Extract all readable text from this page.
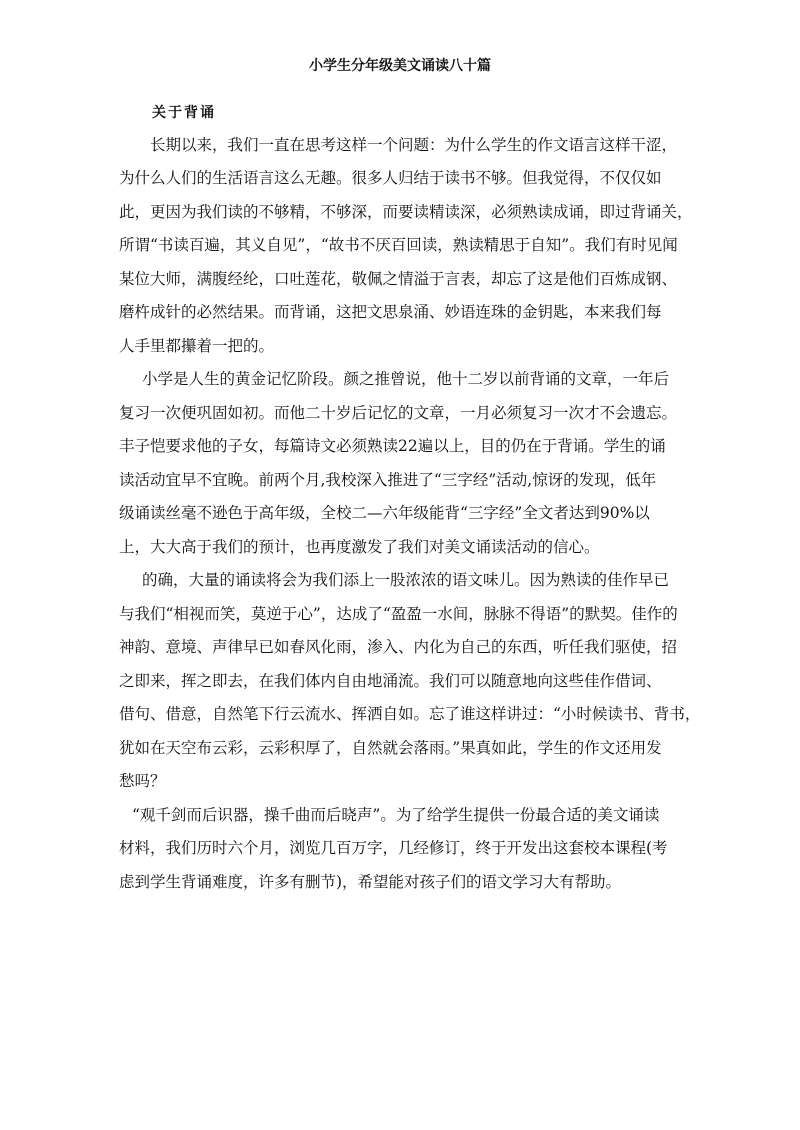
小学生分年级美文诵读八十篇
关于背诵
长期以来，我们一直在思考这样一个问题：为什么学生的作文语言这样干涩，
为什么人们的生活语言这么无趣。很多人归结于读书不够。但我觉得，不仅仅如
此，更因为我们读的不够精，不够深，而要读精读深，必须熟读成诵，即过背诵关，
所谓“书读百遍，其义自见”，“故书不厌百回读，熟读精思于自知”。我们有时见闻
某位大师，满腹经纶，口吐莲花，敬佩之情溢于言表，却忘了这是他们百炼成钢、
磨杵成针的必然结果。而背诵，这把文思泉涌、妙语连珠的金钥匙，本来我们每
人手里都攥着一把的。
小学是人生的黄金记忆阶段。颜之推曾说，他十二岁以前背诵的文章，一年后
复习一次便巩固如初。而他二十岁后记忆的文章，一月必须复习一次才不会遗忘。
丰子恺要求他的子女，每篇诗文必须熟读22遍以上，目的仍在于背诵。学生的诵
读活动宜早不宜晚。前两个月,我校深入推进了“三字经”活动,惊讶的发现，低年
级诵读丝毫不逊色于高年级，全校二—六年级能背“三字经”全文者达到90%以
上，大大高于我们的预计，也再度激发了我们对美文诵读活动的信心。
的确，大量的诵读将会为我们添上一股浓浓的语文味儿。因为熟读的佳作早已
与我们“相视而笑，莫逆于心”，达成了“盈盈一水间，脉脉不得语”的默契。佳作的
神韵、意境、声律早已如春风化雨，渗入、内化为自己的东西，听任我们驱使，招
之即来，挥之即去，在我们体内自由地涌流。我们可以随意地向这些佳作借词、
借句、借意，自然笔下行云流水、挥洒自如。忘了谁这样讲过：“小时候读书、背书，
犹如在天空布云彩，云彩积厚了，自然就会落雨。”果真如此，学生的作文还用发
愁吗？
“观千剑而后识器，操千曲而后晓声”。为了给学生提供一份最合适的美文诵读
材料，我们历时六个月，浏览几百万字，几经修订，终于开发出这套校本课程(考
虑到学生背诵难度，许多有删节)，希望能对孩子们的语文学习大有帮助。
